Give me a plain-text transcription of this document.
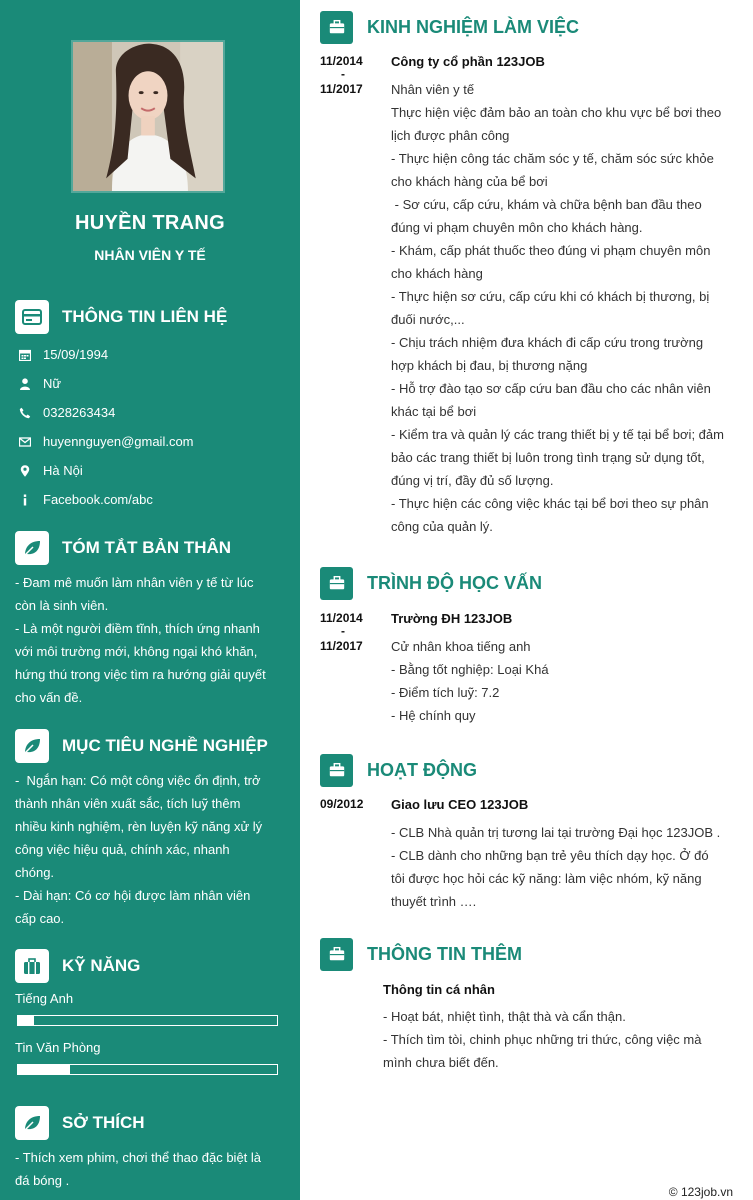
HUYỀN TRANG
NHÂN VIÊN Y TẾ
THÔNG TIN LIÊN HỆ
15/09/1994
Nữ
0328263434
huyennguyen@gmail.com
Hà Nội
Facebook.com/abc
TÓM TẮT BẢN THÂN
- Đam mê muốn làm nhân viên y tế từ lúc
còn là sinh viên.
- Là một người điềm tĩnh, thích ứng nhanh
với môi trường mới, không ngại khó khăn,
hứng thú trong việc tìm ra hướng giải quyết
cho vấn đề.
MỤC TIÊU NGHỀ NGHIỆP
-  Ngắn hạn: Có một công việc ổn định, trở
thành nhân viên xuất sắc, tích luỹ thêm
nhiều kinh nghiệm, rèn luyện kỹ năng xử lý
công việc hiệu quả, chính xác, nhanh
chóng.
- Dài hạn: Có cơ hội được làm nhân viên
cấp cao.
KỸ NĂNG
Tiếng Anh
Tin Văn Phòng
SỞ THÍCH
- Thích xem phim, chơi thể thao đặc biệt là
đá bóng .
KINH NGHIỆM LÀM VIỆC
11/2014
-
11/2017
Công ty cổ phần 123JOB
Nhân viên y tế
Thực hiện việc đảm bảo an toàn cho khu vực bể bơi theo
lịch được phân công
- Thực hiện công tác chăm sóc y tế, chăm sóc sức khỏe
cho khách hàng của bể bơi
- Sơ cứu, cấp cứu, khám và chữa bệnh ban đầu theo
đúng vi phạm chuyên môn cho khách hàng.
- Khám, cấp phát thuốc theo đúng vi phạm chuyên môn
cho khách hàng
- Thực hiện sơ cứu, cấp cứu khi có khách bị thương, bị
đuối nước,...
- Chịu trách nhiệm đưa khách đi cấp cứu trong trường
hợp khách bị đau, bị thương nặng
- Hỗ trợ đào tạo sơ cấp cứu ban đầu cho các nhân viên
khác tại bể bơi
- Kiểm tra và quản lý các trang thiết bị y tế tại bể bơi; đảm
bảo các trang thiết bị luôn trong tình trạng sử dụng tốt,
đúng vị trí, đầy đủ số lượng.
- Thực hiện các công việc khác tại bể bơi theo sự phân
công của quản lý.
TRÌNH ĐỘ HỌC VẤN
11/2014
-
11/2017
Trường ĐH 123JOB
Cử nhân khoa tiếng anh
- Bằng tốt nghiệp: Loại Khá
- Điểm tích luỹ: 7.2
- Hệ chính quy
HOẠT ĐỘNG
09/2012 Giao lưu CEO 123JOB
- CLB Nhà quản trị tương lai tại trường Đại học 123JOB .
- CLB dành cho những bạn trẻ yêu thích dạy học. Ở đó
tôi được học hỏi các kỹ năng: làm việc nhóm, kỹ năng
thuyết trình ….
THÔNG TIN THÊM
Thông tin cá nhân
- Hoạt bát, nhiệt tình, thật thà và cẩn thận.
- Thích tìm tòi, chinh phục những tri thức, công việc mà
mình chưa biết đến.
© 123job.vn
